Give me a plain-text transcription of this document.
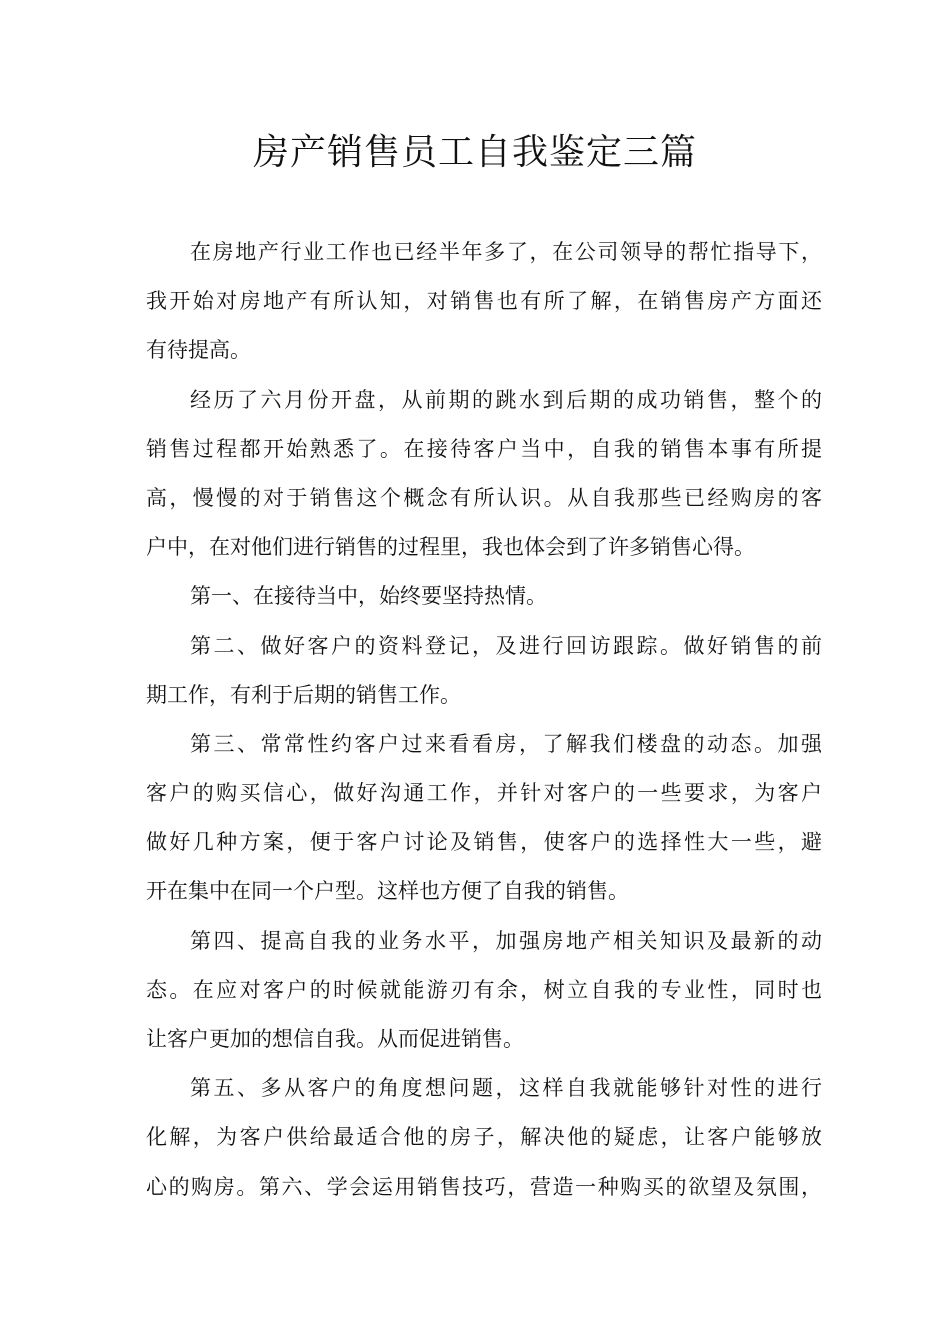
房产销售员工自我鉴定三篇
在房地产行业工作也已经半年多了，在公司领导的帮忙指导下，
我开始对房地产有所认知，对销售也有所了解，在销售房产方面还
有待提高。
经历了六月份开盘，从前期的跳水到后期的成功销售，整个的
销售过程都开始熟悉了。在接待客户当中，自我的销售本事有所提
高，慢慢的对于销售这个概念有所认识。从自我那些已经购房的客
户中，在对他们进行销售的过程里，我也体会到了许多销售心得。
第一、在接待当中，始终要坚持热情。
第二、做好客户的资料登记，及进行回访跟踪。做好销售的前
期工作，有利于后期的销售工作。
第三、常常性约客户过来看看房，了解我们楼盘的动态。加强
客户的购买信心，做好沟通工作，并针对客户的一些要求，为客户
做好几种方案，便于客户讨论及销售，使客户的选择性大一些，避
开在集中在同一个户型。这样也方便了自我的销售。
第四、提高自我的业务水平，加强房地产相关知识及最新的动
态。在应对客户的时候就能游刃有余，树立自我的专业性，同时也
让客户更加的想信自我。从而促进销售。
第五、多从客户的角度想问题，这样自我就能够针对性的进行
化解，为客户供给最适合他的房子，解决他的疑虑，让客户能够放
心的购房。第六、学会运用销售技巧，营造一种购买的欲望及氛围，
